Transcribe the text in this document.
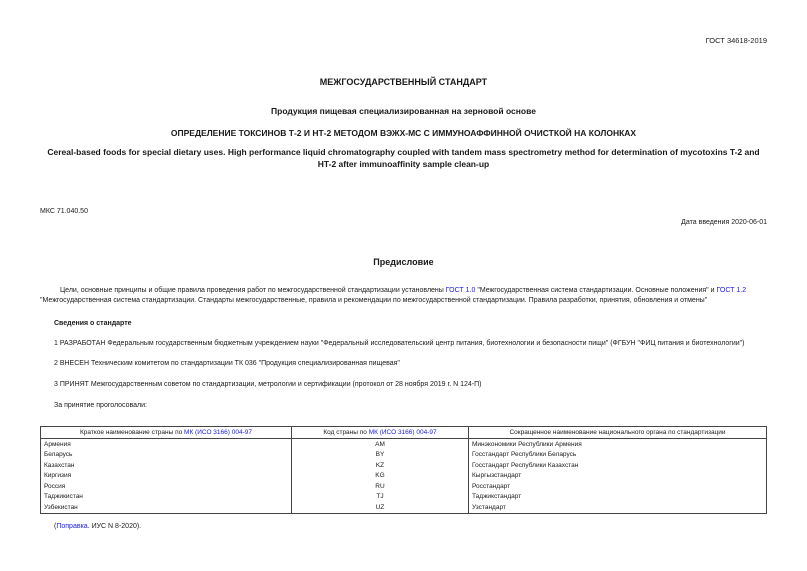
ГОСТ 34618-2019
МЕЖГОСУДАРСТВЕННЫЙ СТАНДАРТ
Продукция пищевая специализированная на зерновой основе
ОПРЕДЕЛЕНИЕ ТОКСИНОВ Т-2 И НТ-2 МЕТОДОМ ВЭЖХ-МС С ИММУНОАФФИННОЙ ОЧИСТКОЙ НА КОЛОНКАХ
Cereal-based foods for special dietary uses. High performance liquid chromatography coupled with tandem mass spectrometry method for determination of mycotoxins T-2 and HT-2 after immunoaffinity sample clean-up
МКС 71.040.50
Дата введения 2020-06-01
Предисловие
Цели, основные принципы и общие правила проведения работ по межгосударственной стандартизации установлены ГОСТ 1.0 "Межгосударственная система стандартизации. Основные положения" и ГОСТ 1.2 "Межгосударственная система стандартизации. Стандарты межгосударственные, правила и рекомендации по межгосударственной стандартизации. Правила разработки, принятия, обновления и отмены"
Сведения о стандарте
1 РАЗРАБОТАН Федеральным государственным бюджетным учреждением науки "Федеральный исследовательский центр питания, биотехнологии и безопасности пищи" (ФГБУН "ФИЦ питания и биотехнологии")
2 ВНЕСЕН Техническим комитетом по стандартизации ТК 036 "Продукция специализированная пищевая"
3 ПРИНЯТ Межгосударственным советом по стандартизации, метрологии и сертификации (протокол от 28 ноября 2019 г. N 124-П)
За принятие проголосовали:
Краткое наименование страны по МК (ИСО 3166) 004-97	Код страны по МК (ИСО 3166) 004-97	Сокращенное наименование национального органа по стандартизации
Армения	AM	Минэкономики Республики Армения
Беларусь	BY	Госстандарт Республики Беларусь
Казахстан	KZ	Госстандарт Республики Казахстан
Киргизия	KG	Кыргызстандарт
Россия	RU	Росстандарт
Таджикистан	TJ	Таджикстандарт
Узбекистан	UZ	Узстандарт
(Поправка. ИУС N 8-2020).
